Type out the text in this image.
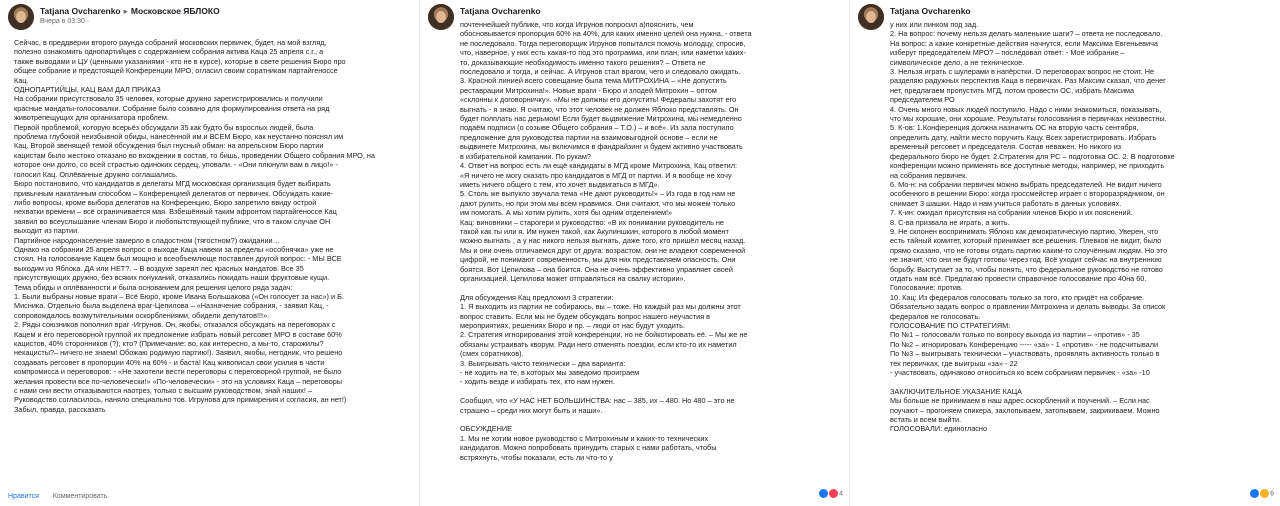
Tatjana Ovcharenko ▸ Московское ЯБЛОКО
Вчера в 03:30 ·

Сейчас, в преддверии второго раунда собраний московских первичек, будет, на мой взгляд,
полезно ознакомить однопартийцев с содержанием собрания актива Каца 25 апреля с.г., а
также выводами и ЦУ (ценными указаниями - кто не в курсе), которые в свете решения Бюро про
общее собрание и предстоящей Конференции МРО, огласил своим соратникам партайгеноссе
Кац.
ОДНОПАРТИЙЦЫ, КАЦ ВАМ ДАЛ ПРИКАЗ
На собрании присутствовало 35 человек, которые дружно зарегистрировались и получили
красные мандаты-голосовалки. Собрание было созвано для формулирования ответа на ряд
животрепещущих для организатора проблем.
Первой проблемой, которую всерьёз обсуждали 35 как будто бы взрослых людей, была
проблема глубокой неизбывной обиды, нанесённой им и ВСЕМ Бюро, как неустанно пояснял им
Кац. Второй звенящей темой обсуждения был гнусный обман: на апрельском Бюро партии
кацистам было жестоко отказано во вхождении в состав, то бишь, проведении Общего собрания МРО, на
которое они долго, со всей страстью одиноких сердец, уповали. - «Они плюнули вам в лицо!» -
голосил Кац. Оплёванные дружно соглашались.
Бюро постановило, что кандидатов в делегаты МГД московская организация будет выбирать
привычным накатанным способом – Конференцией делегатов от первичек. Обсуждать какие-
либо вопросы, кроме выбора делегатов на Конференцию, Бюро запретило ввиду острой
нехватки времени – всё ограничивается мая. Взбешённый таким афронтом партайгеноссе Кац
заявил во всеуслышание членам Бюро и любопытствующей публике, что в таком случае ОН
выходит из партии.
Партийное народонаселение замерло в сладостном (тягостном?) ожидании…
Однако на собрании 25 апреля вопрос о выходе Каца навеки за пределы «особнячка» уже не
стоял. На голосование Кацем был мощно и всеобъемлюще поставлен другой вопрос: - МЫ ВСЕ
выходим из Яблока. ДА или НЕТ?. – В воздухе зареял лес красных мандатов. Все 35
присутствующих дружно, без всяких понуканий, отказались покидать наши фруктовые кущи.
Тема обиды и оплёванности и была основанием для решения целого ряда задач:
1. Были выбраны новые враги – Всё Бюро, кроме Ивана Большакова («Он голосует за нас») и Б.
Мисника. Отдельно была выделена враг-Цепилова – «Назначение собрания, - заявил Кац, -
сопровождалось возмутительными оскорблениями, обидели депутатов!!!».
2. Ряды союзников пополнил враг -Игрунов. Он, якобы, отказался обсуждать на переговорах с
Кацем и его переговорной группой их предложение избрать новый регсовет МРО в составе 60%
кацистов, 40% сторонников (?), кто? (Примечание: во, как интересно, а мы-то, старожилы?
некацисты?– ничего не знаем! Обожаю родимую партию!). Заявил, якобы, негодник, что решено
создавать регсовет в пропорции 40% на 60% - и баста! Кац живописал свои усилия в части
компромисса и переговоров: - «Не захотели вести переговоры с переговорной группой, не было
желания провести все по-человечески!» «По-человечески» - это на условиях Каца – переговоры
с нами они вести отказываются наотрез, только с высшим руководством, знай наших! –
Руководство согласилось, наняло специально тов. Игрунова для примирения и согласия, ан нет!)
Забыл, правда, рассказать

Нравится Комментировать
Tatjana Ovcharenko

почтеннейшей публике, что когда Игрунов попросил а)пояснить, чем
обосновывается пропорция 60% на 40%, для каких именно целей она нужна, - ответа
не последовало. Тогда переговорщик Игрунов попытался помочь молодцу, спросив,
что, наверное, у них есть какая-то под это программа, или план, или наметки каких-
то, доказывающие необходимость именно такого решения? – Ответа не
последовало и тогда, и сейчас. А Игрунов стал врагом, чего и следовало ожидать.
3. Красной линией всего совещание была тема МИТРОХИНА – «Не допустить
реставрации Митрохина!». Новые враги - Бюро и злодей Митрохин – оптом
«склонны к договорничку». «Мы не должны его допустить! Федералы захотят его
выгнать - я знаю. Я считаю, что этот человек не должен Яблоко представлять. Он
будет полплать нас дерьмом! Если будет выдвижение Митрохина, мы немедленно
подаём подписи (о созыве Общего собрания – Т.О.) – и всё». Из зала поступило
предложение для руководства партии на взаимовыгодной основе – если не
выдвинете Митрохина, мы включимся в фандрайзинг и будем активно участвовать
в избирательной кампании. По рукам?
4. Ответ на вопрос есть ли ещё кандидаты в МГД кроме Митрохина, Кац ответил:
«Я ничего не могу сказать про кандидатов в МГД от партии. И я вообще не хочу
иметь ничего общего с тем, кто хочет выдвигаться в МГД».
5. Столь же выпукло звучала тема «Не дают руководить!» – Из года в год нам не
дают рулить, но при этом мы всем нравимся. Они считают, что мы можем только
им помогать. А мы хотим рулить, хотя бы одним отделением!»
Кац: виновники – старогери и руководство: «В их понимании руководитель не
такой как ты или я. Им нужен такой, как Акулиншкин, которого в любой момент
можно выгнать , а у нас никого нельзя выгнать, даже того, кто пришёл месяц назад.
Мы и они очень отличаемся друг от друга: возрастом, они не владеют современной
цифрой, не понимают современность, мы для них представляем опасность. Они
боятся. Вот Цепилова – она боится. Она не очень эффективно управляет своей
организацией. Цепилова может отправляться на свалку истории».

Для обсуждения Кац предложил 3 стратегии:
1. Я выходить из партии не собираюсь, вы – тоже. Но каждый раз мы должны этот
вопрос ставить. Если мы не будем обсуждать вопрос нашего неучастия в
мероприятиях, решениях Бюро и пр. – люди от нас будут уходить.
2. Стратегия игнорирования этой конференции, но не бойкотировать её. – Мы же не
обязаны устраивать кворум. Ради него отменять поездки, если кто-то их наметил
(смех соратников).
3. Выигрывать чисто технически – два варианта:
- не ходить на те, в которых мы заведомо проиграем
- ходить везде и избирать тех, кто нам нужен.

Сообщил, что «У НАС НЕТ БОЛЬШИНСТВА: нас – 385, их – 480. Но 480 – это не
страшно – среди них могут быть и наши».

ОБСУЖДЕНИЕ
1. Мы не хотим новое руководство с Митрохиным и каких-то технических
кандидатов. Можно попробовать принудить старых с нами работать, чтобы
встряхнуть, чтобы показали, есть ли что-то у

4
Tatjana Ovcharenko

у них или пинком под зад.
2. На вопрос: почему нельзя делать маленькие шаги? – ответа не последовало.
На вопрос: а какие конкретные действия начнутся, если Максима Евгеньевича
изберут председателем МРО? – последовал ответ: - Моё избрание –
символическое дело, а не техническое.
3. Нельзя играть с шулерами в напёрстки. О переговорах вопрос не стоит. Не
разделяю радужных перспектив Каца в первичках. Раз Максим сказал, что денег
нет, предлагаем пропустить МГД, потом провести ОС, избрать Максима
председателем РО
4. Очень много новых людей поступило. Надо с ними знакомиться, показывать,
что мы хорошие, они хорошие. Результаты голосования в первичках неизвестны.
5. К-ов: 1.Конференция должна назначить ОС на вторую часть сентября,
определить дату, найти место поручить Кацу. Всех зарегистрировать. Избрать
временный регсовет и председателя. Состав неважен. Но никого из
федерального бюро не будет. 2.Стратегия для PC – подготовка ОС. 2. В подготовке
конференции можно применять все доступные методы, например, не приходить
на собрания первичек.
6. Мо-н: на собрании первичек можно выбрать председателей. Не видит ничего
особенного в решении Бюро: когда гроссмейстер играет с второразрядником, он
снимает 3 шашки. Надо и нам учиться работать в данных условиях.
7. К-ин: ожидал присутствия на собрании членов Бюро и их пояснений.
8. С-ва призвала не играть, а жить.
9. Не склонен воспринимать Яблоко как демократическую партию. Уверен, что
есть тайный комитет, который принимает все решения. Плевков не видит, было
прямо сказано, что не готовы отдать партию каким-то слоучённым людям. Но это
не значит, что они не будут готовы через год. Всё уходит сейчас на внутреннюю
борьбу. Выступает за то, чтобы понять, что федеральное руководство не готово
отдать нам всё. Предлагаю провести справочное голосование про 40на 60.
Голосование: против.
10. Кац: Из федералов голосовать только за того, кто придёт на собрание.
Обязательно задать вопрос о правлении Митрохина и делать выводы. За список
федералов не голосовать.
ГОЛОСОВАНИЕ ПО СТРАТЕГИЯМ:
По №1 – голосовали только по вопросу выхода из партии – «против» - 35
По №2 – игнорировать Конференцию ----- «за» - 1 «против» - не подсчитывали
По №3 – выигрывать технически – участвовать, проявлять активность только в
тех первичках, где выигрыш «за» - 22
- участвовать, одинаково относиться ко всем собраниям первичек - «за» -10

ЗАКЛЮЧИТЕЛЬНОЕ УКАЗАНИЕ КАЦА
Мы больше не принимаем в наш адрес оскорблений и поучений. – Если нас
поучают – прогоняем спикера, захлопываем, затопываем, закрикиваем. Можно
встать и всем выйти.
ГОЛОСОВАЛИ: единогласно

6
